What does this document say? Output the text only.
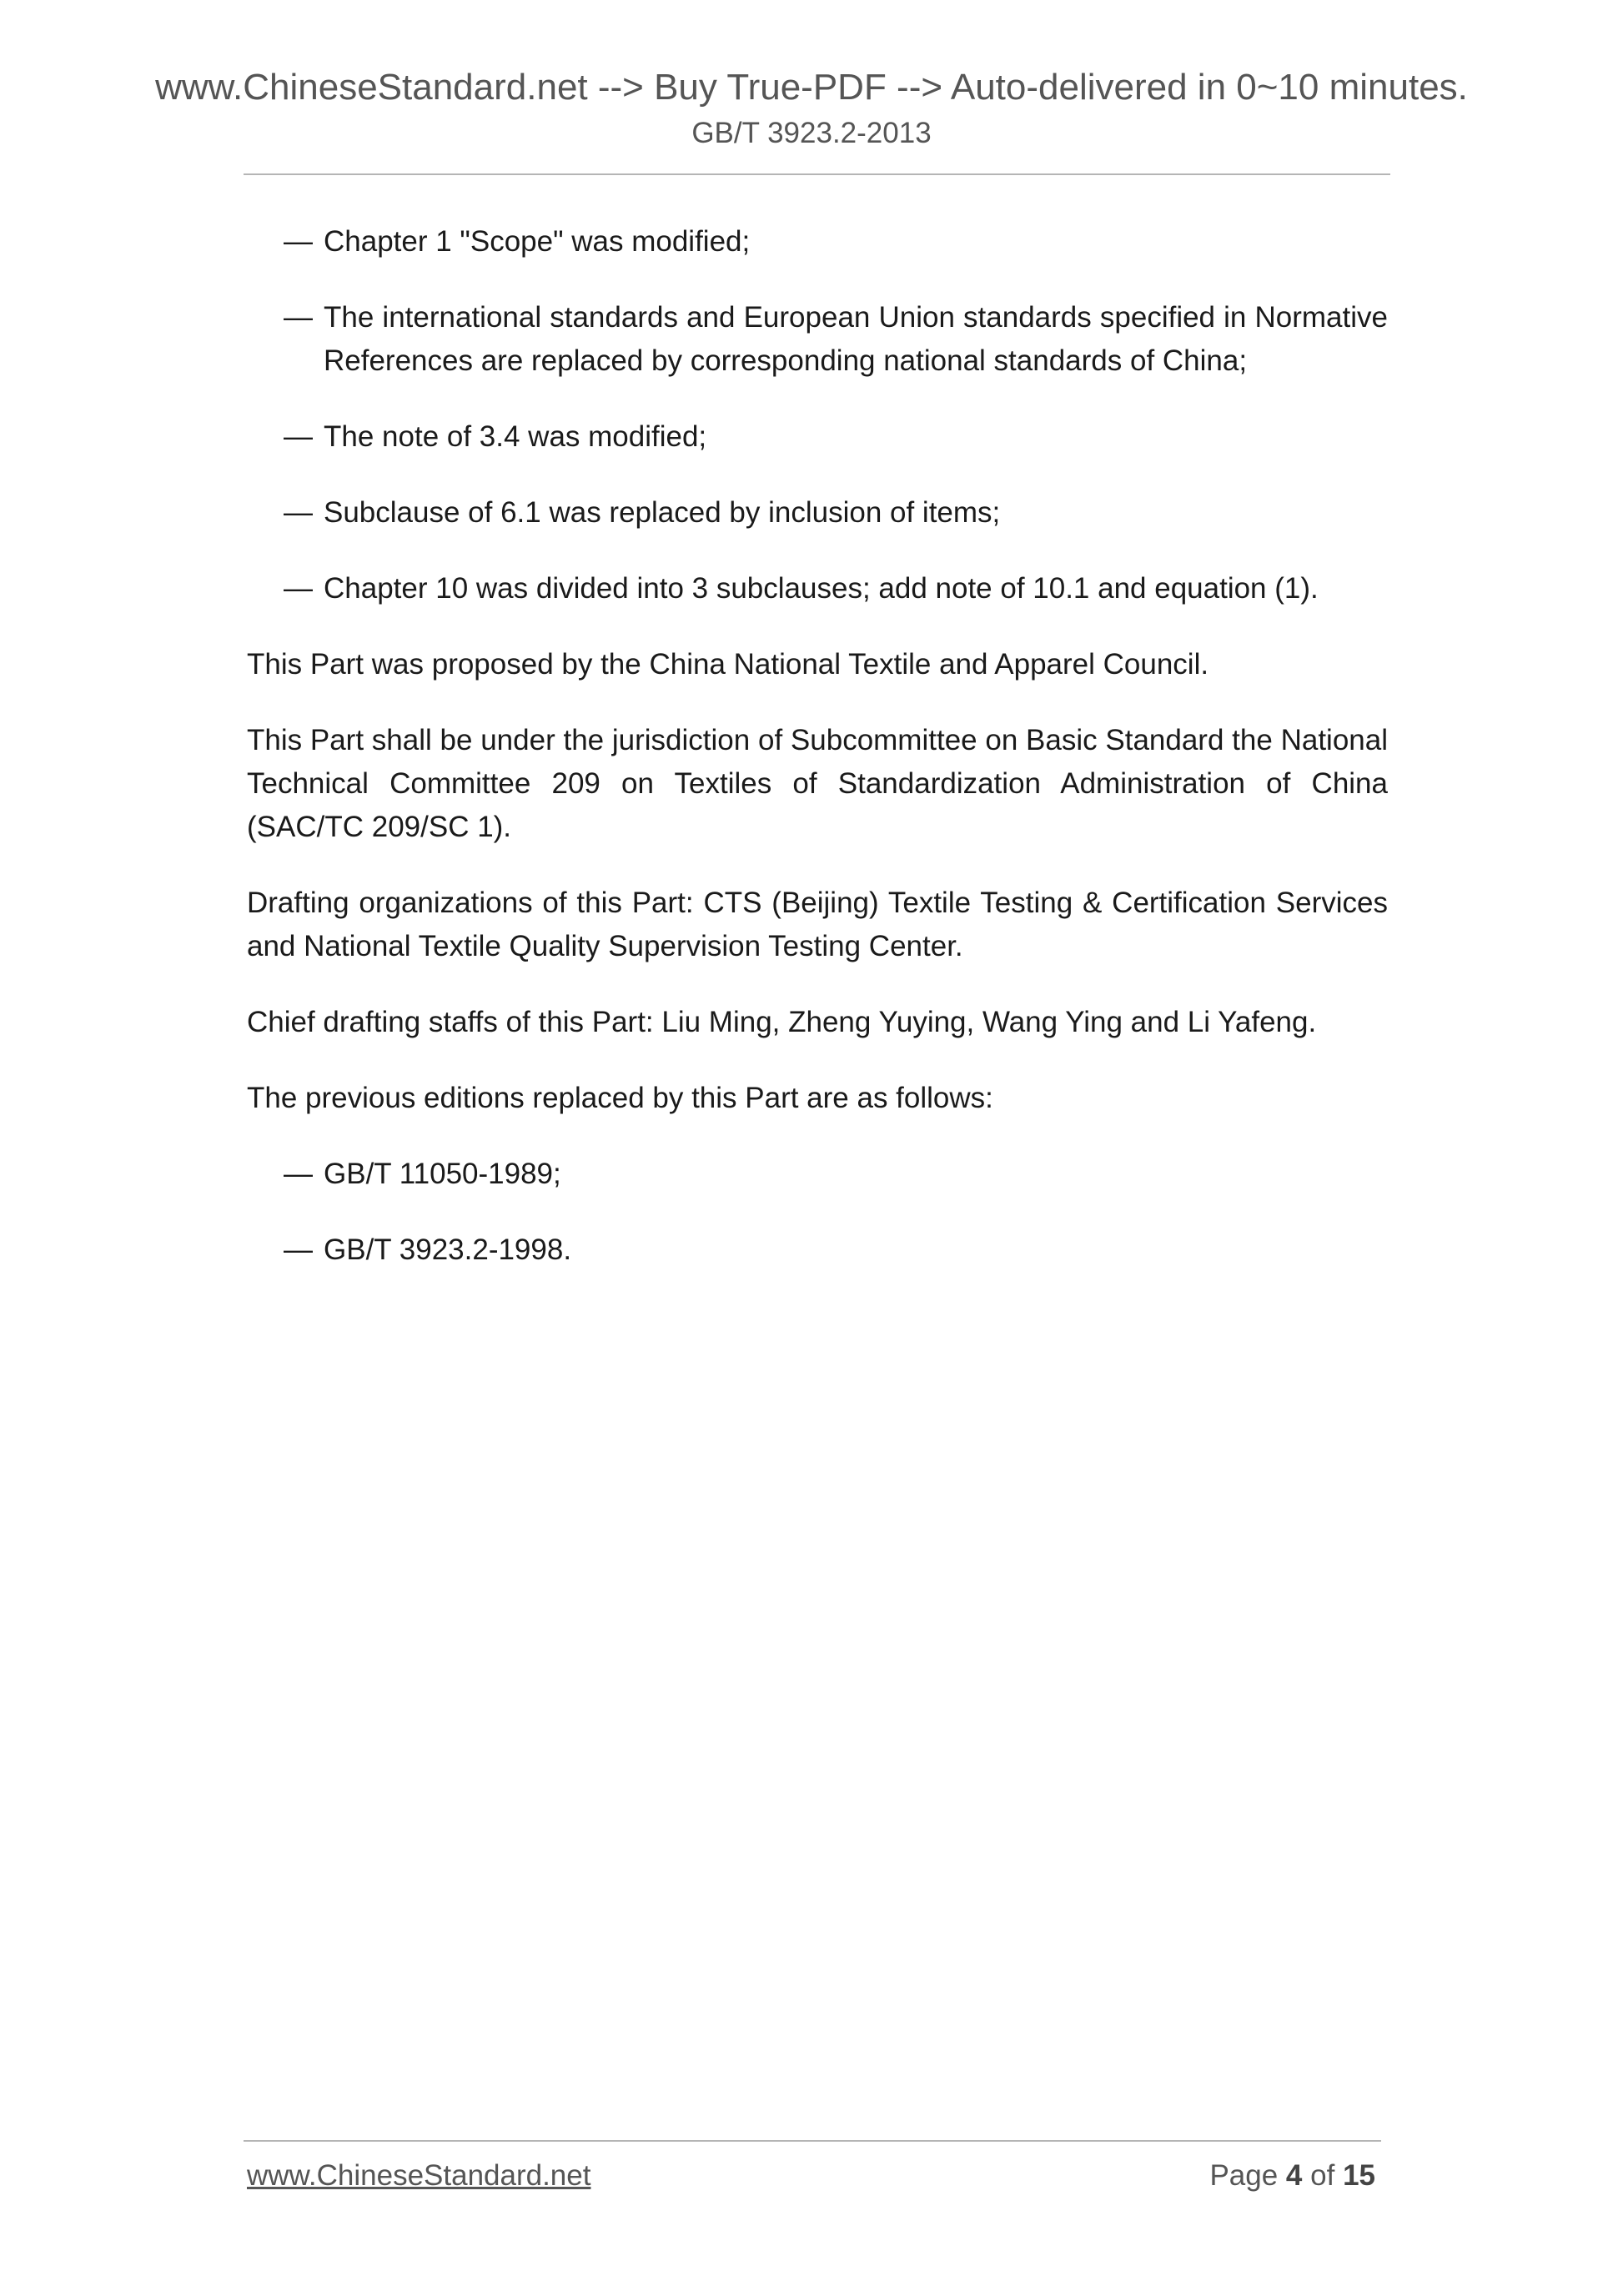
www.ChineseStandard.net --> Buy True-PDF --> Auto-delivered in 0~10 minutes.
GB/T 3923.2-2013
— Chapter 1 "Scope" was modified;
— The international standards and European Union standards specified in Normative References are replaced by corresponding national standards of China;
— The note of 3.4 was modified;
— Subclause of 6.1 was replaced by inclusion of items;
— Chapter 10 was divided into 3 subclauses; add note of 10.1 and equation (1).

This Part was proposed by the China National Textile and Apparel Council.

This Part shall be under the jurisdiction of Subcommittee on Basic Standard the National Technical Committee 209 on Textiles of Standardization Administration of China (SAC/TC 209/SC 1).

Drafting organizations of this Part: CTS (Beijing) Textile Testing & Certification Services and National Textile Quality Supervision Testing Center.

Chief drafting staffs of this Part: Liu Ming, Zheng Yuying, Wang Ying and Li Yafeng.

The previous editions replaced by this Part are as follows:

— GB/T 11050-1989;
— GB/T 3923.2-1998.
www.ChineseStandard.net	Page 4 of 15
